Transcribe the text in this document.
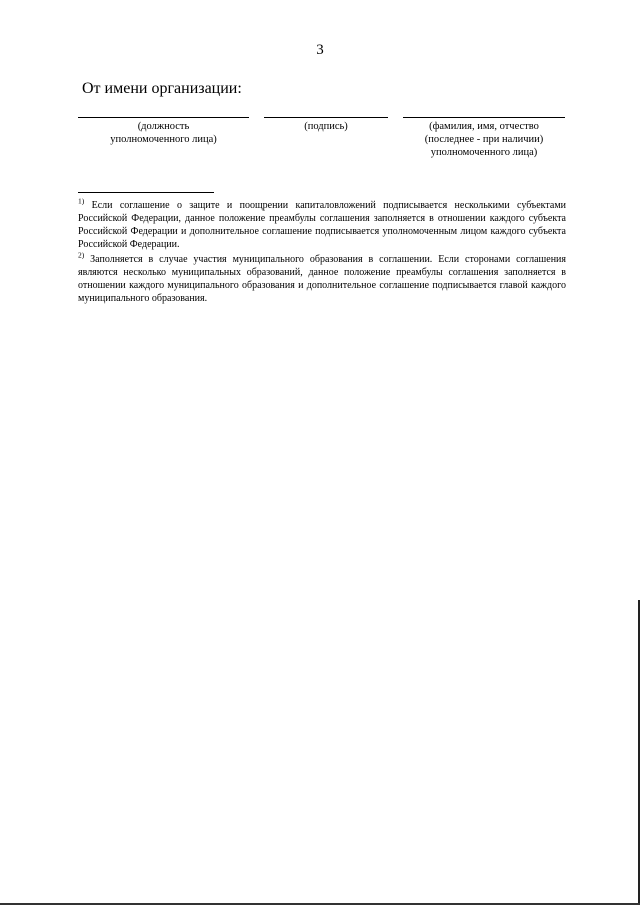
3
От имени организации:
(должность
уполномоченного лица)
(подпись)	(фамилия, имя, отчество
(последнее - при наличии)
уполномоченного лица)
$^{1)}$ Если соглашение о защите и поощрении капиталовложений подписывается несколькими субъектами Российской Федерации, данное положение преамбулы соглашения заполняется в отношении каждого субъекта Российской Федерации и дополнительное соглашение подписывается уполномоченным лицом каждого субъекта Российской Федерации.
$^{2)}$ Заполняется в случае участия муниципального образования в соглашении. Если сторонами соглашения являются несколько муниципальных образований, данное положение преамбулы соглашения заполняется в отношении каждого муниципального образования и дополнительное соглашение подписывается главой каждого муниципального образования.
